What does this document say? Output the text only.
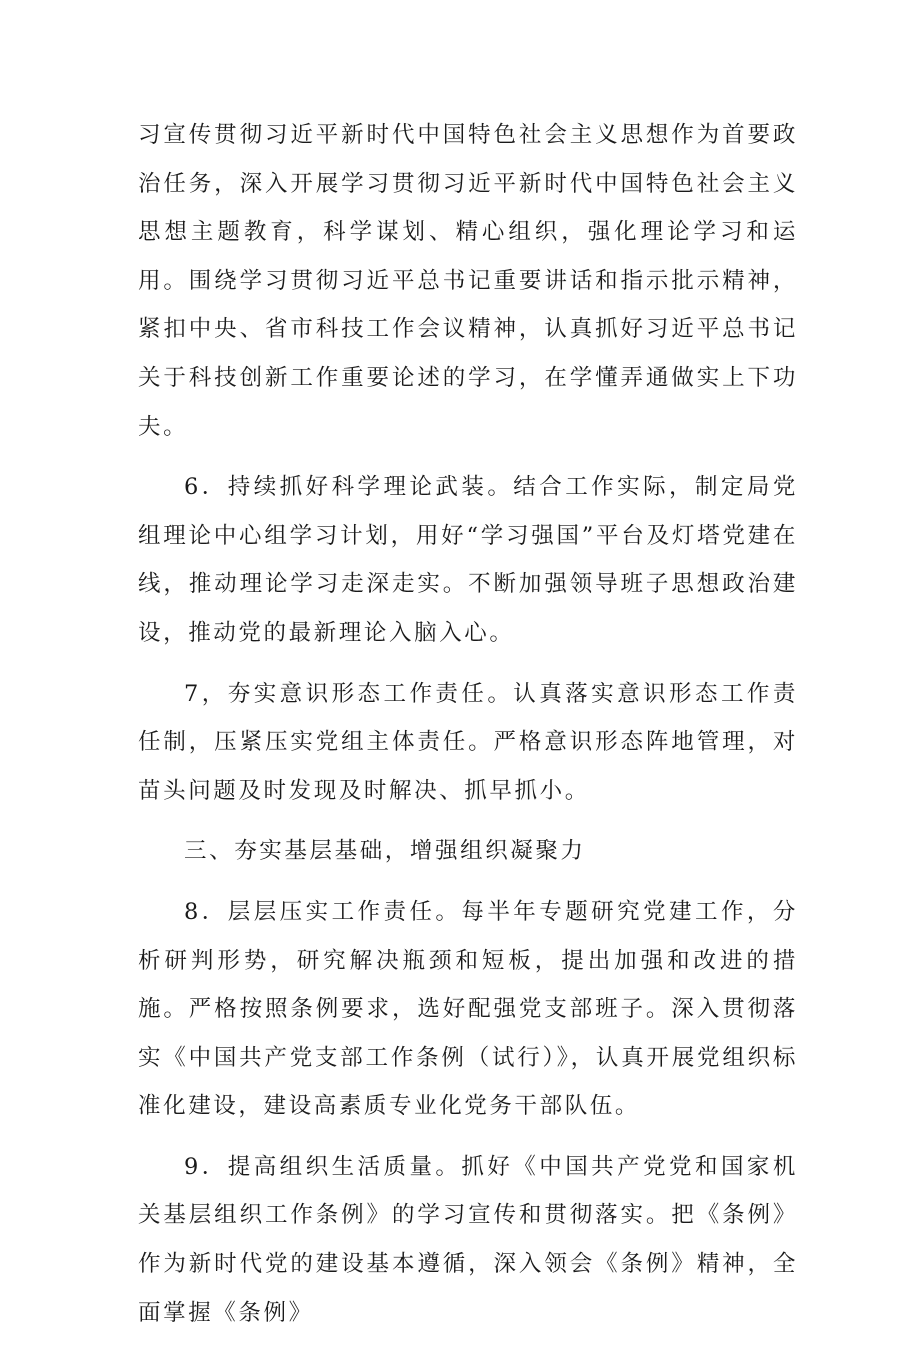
习宣传贯彻习近平新时代中国特色社会主义思想作为首要政治任务，深入开展学习贯彻习近平新时代中国特色社会主义思想主题教育，科学谋划、精心组织，强化理论学习和运用。围绕学习贯彻习近平总书记重要讲话和指示批示精神，紧扣中央、省市科技工作会议精神，认真抓好习近平总书记关于科技创新工作重要论述的学习，在学懂弄通做实上下功夫。

6．持续抓好科学理论武装。结合工作实际，制定局党组理论中心组学习计划，用好“学习强国”平台及灯塔党建在线，推动理论学习走深走实。不断加强领导班子思想政治建设，推动党的最新理论入脑入心。

7，夯实意识形态工作责任。认真落实意识形态工作责任制，压紧压实党组主体责任。严格意识形态阵地管理，对苗头问题及时发现及时解决、抓早抓小。

三、夯实基层基础，增强组织凝聚力

8．层层压实工作责任。每半年专题研究党建工作，分析研判形势，研究解决瓶颈和短板，提出加强和改进的措施。严格按照条例要求，选好配强党支部班子。深入贯彻落实《中国共产党支部工作条例（试行）》，认真开展党组织标准化建设，建设高素质专业化党务干部队伍。

9．提高组织生活质量。抓好《中国共产党党和国家机关基层组织工作条例》的学习宣传和贯彻落实。把《条例》作为新时代党的建设基本遵循，深入领会《条例》精神，全面掌握《条例》
